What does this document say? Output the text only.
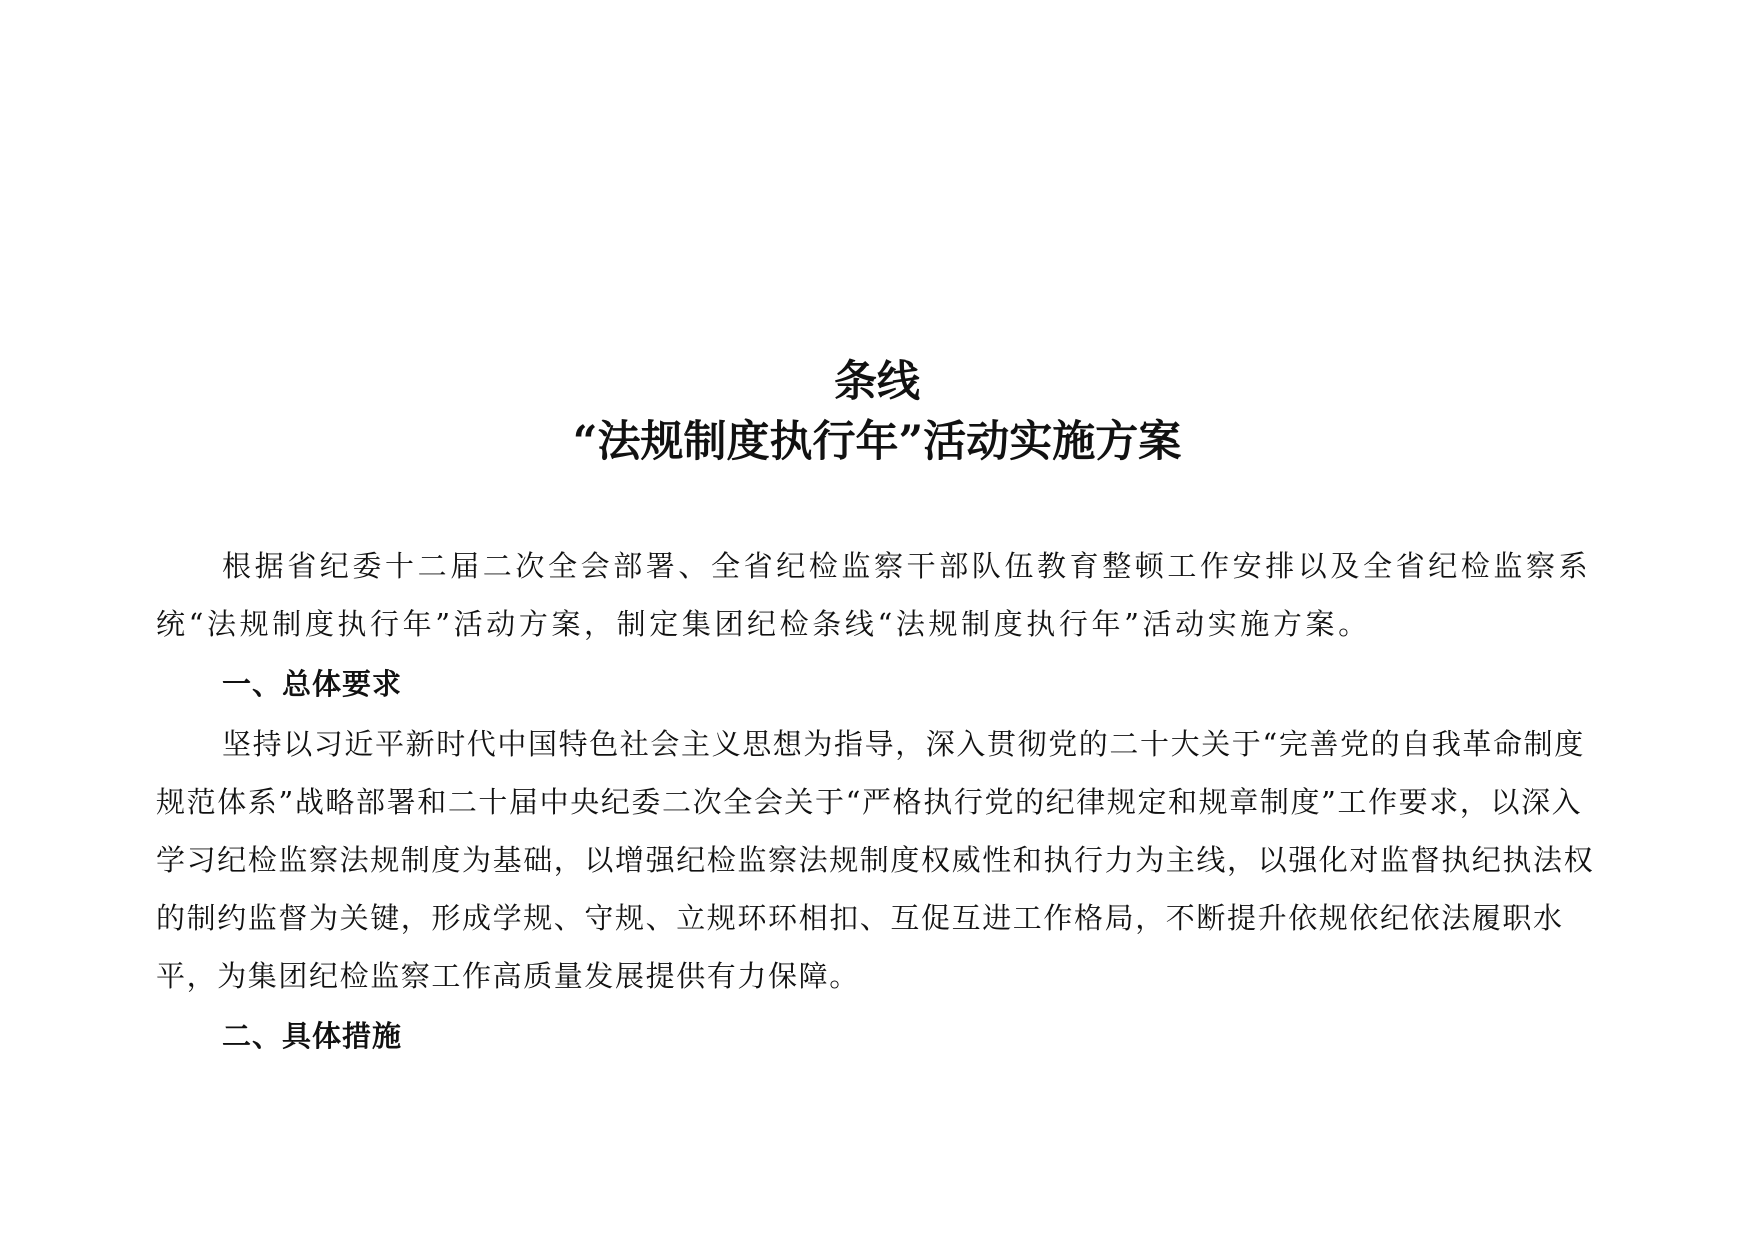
条线
“法规制度执行年”活动实施方案

根据省纪委十二届二次全会部署、全省纪检监察干部队伍教育整顿工作安排以及全省纪检监察系统“法规制度执行年”活动方案，制定集团纪检条线“法规制度执行年”活动实施方案。

一、总体要求

坚持以习近平新时代中国特色社会主义思想为指导，深入贯彻党的二十大关于“完善党的自我革命制度规范体系”战略部署和二十届中央纪委二次全会关于“严格执行党的纪律规定和规章制度”工作要求，以深入学习纪检监察法规制度为基础，以增强纪检监察法规制度权威性和执行力为主线，以强化对监督执纪执法权的制约监督为关键，形成学规、守规、立规环环相扣、互促互进工作格局，不断提升依规依纪依法履职水平，为集团纪检监察工作高质量发展提供有力保障。

二、具体措施
